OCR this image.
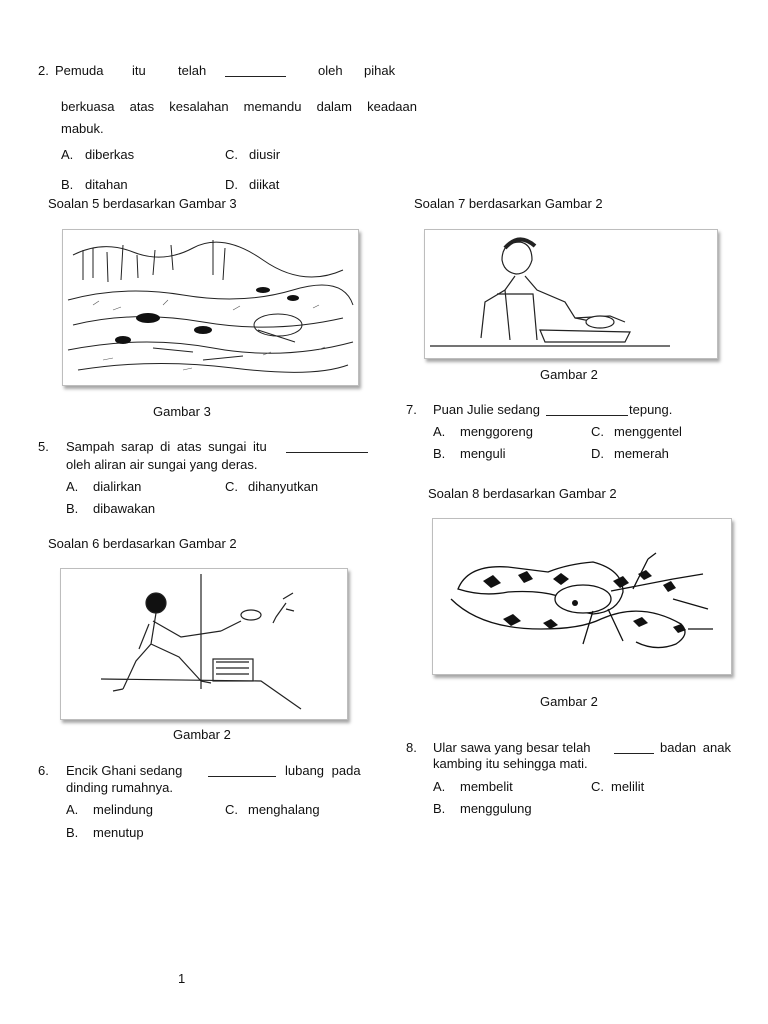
2. Pemuda itu telah	oleh pihak
berkuasa atas kesalahan memandu dalam keadaan
mabuk.
A. diberkas	C. diusir
B. ditahan	D. diikat
Soalan 5 berdasarkan Gambar 3
Gambar 3
5. Sampah sarap di atas sungai itu
oleh aliran air sungai yang deras.
A. dialirkan	C. dihanyutkan
B. dibawakan
Soalan 6 berdasarkan Gambar 2
Gambar 2
6. Encik Ghani sedang	lubang pada
dinding rumahnya.
A. melindung	C. menghalang
B. menutup
Soalan 7 berdasarkan Gambar 2
Gambar 2
7. Puan Julie sedang	tepung.
A. menggoreng	C. menggentel
B. menguli	D. memerah
Soalan 8 berdasarkan Gambar 2
Gambar 2
8. Ular sawa yang besar telah	badan anak
kambing itu sehingga mati.
A. membelit	C. melilit
B. menggulung
1
